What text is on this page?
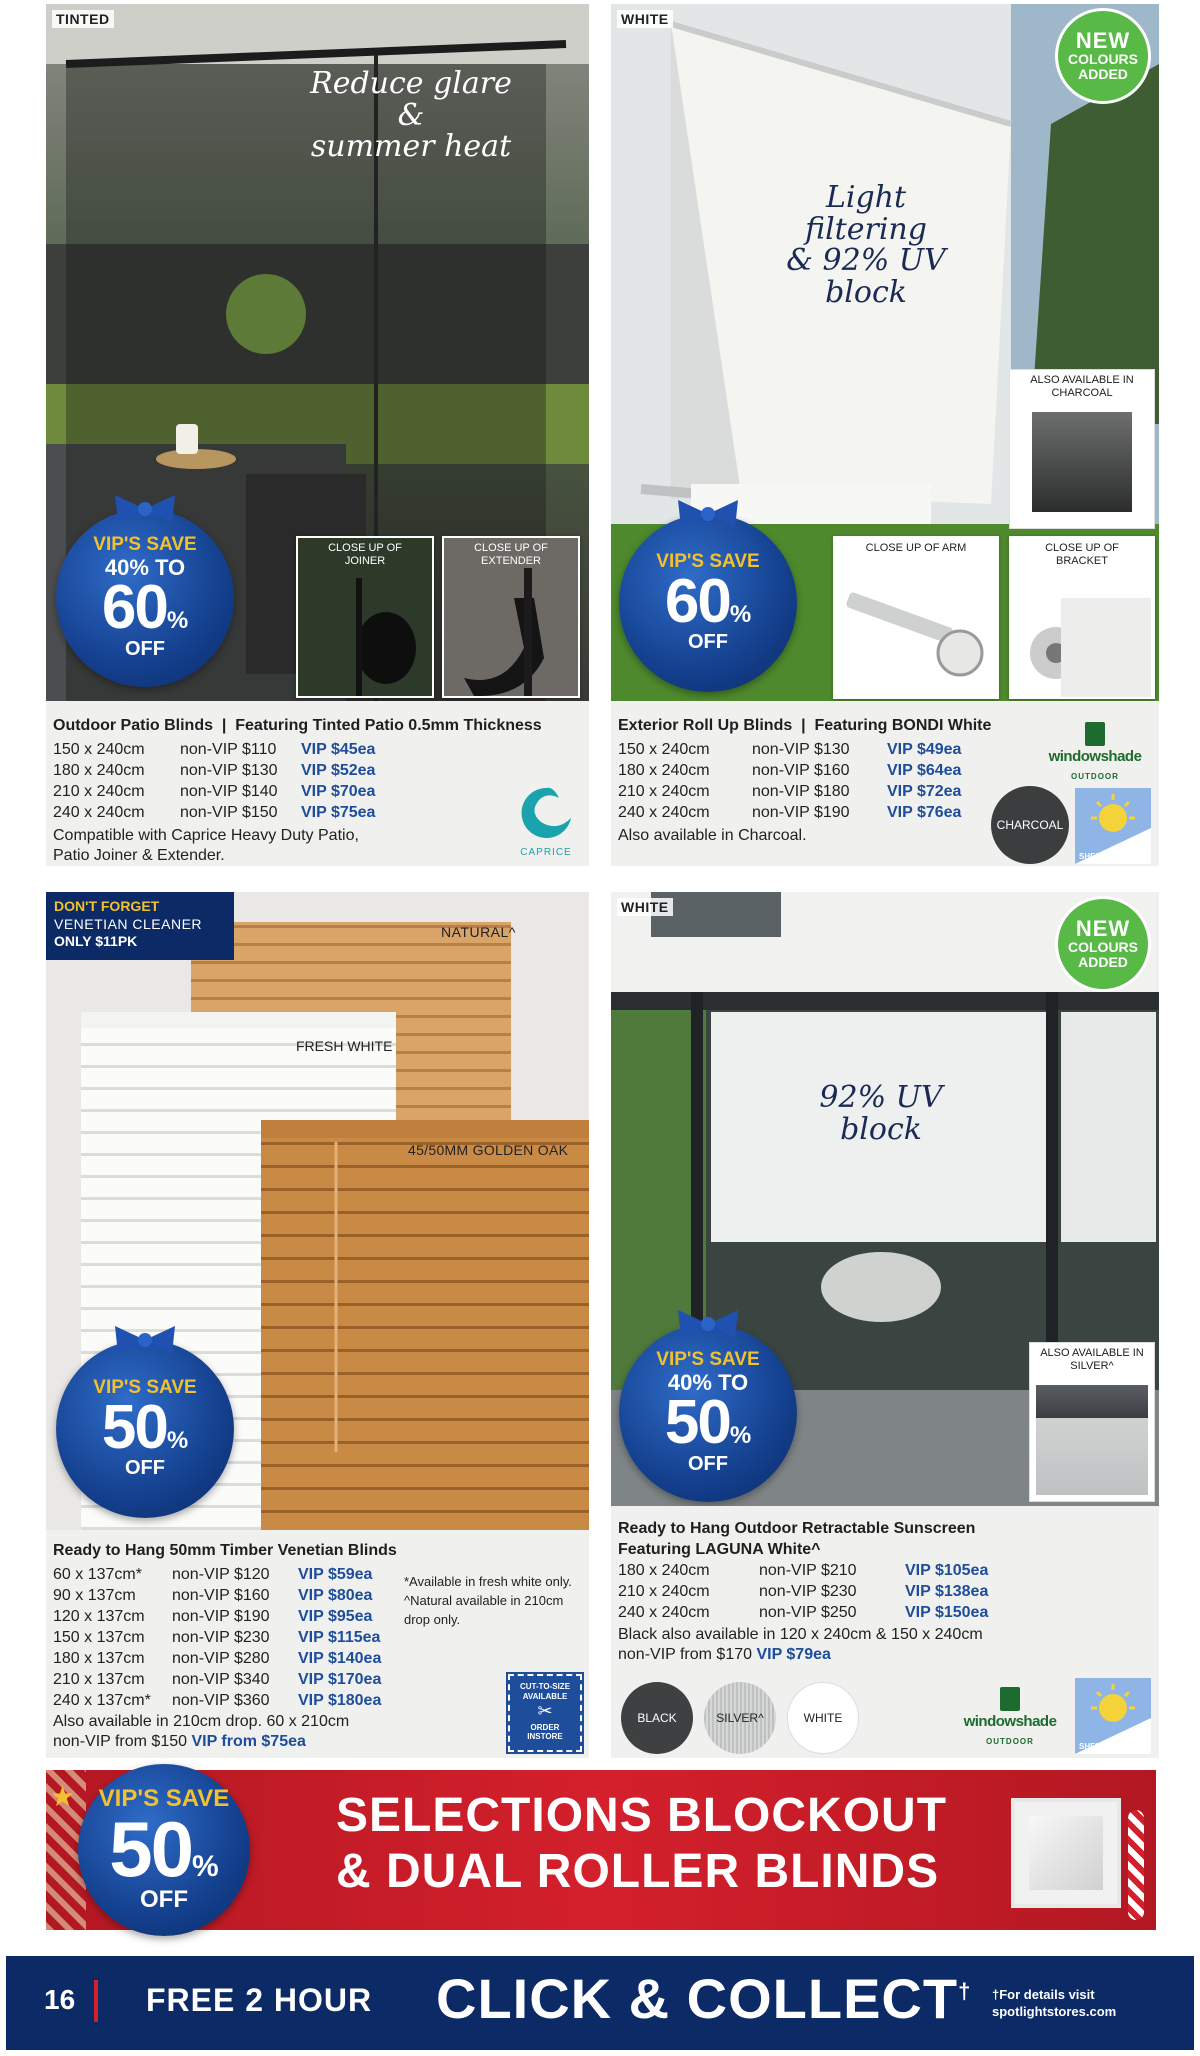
TINTED
Reduce glare &
summer heat
VIP'S SAVE
40% TO
60%
OFF
CLOSE UP OF JOINER
CLOSE UP OF EXTENDER
Outdoor Patio Blinds  |  Featuring Tinted Patio 0.5mm Thickness
150 x 240cm	non-VIP $110	VIP $45ea
180 x 240cm	non-VIP $130	VIP $52ea
210 x 240cm	non-VIP $140	VIP $70ea
240 x 240cm	non-VIP $150	VIP $75ea
Compatible with Caprice Heavy Duty Patio,
Patio Joiner & Extender.	CAPRICE
WHITE
NEW
COLOURS
ADDED
Light filtering
& 92% UV
block
ALSO AVAILABLE IN CHARCOAL
VIP'S SAVE
60%
OFF
CLOSE UP OF ARM	CLOSE UP OF BRACKET
Exterior Roll Up Blinds  |  Featuring BONDI White
150 x 240cm	non-VIP $130	VIP $49ea
180 x 240cm	non-VIP $160	VIP $64ea
210 x 240cm	non-VIP $180	VIP $72ea
240 x 240cm	non-VIP $190	VIP $76ea
Also available in Charcoal.
windowshade
OUTDOOR
CHARCOAL
SHEIR
DON'T FORGET
VENETIAN CLEANER
ONLY $11PK
NATURAL^
FRESH WHITE
45/50MM GOLDEN OAK
VIP'S SAVE
50%
OFF
Ready to Hang 50mm Timber Venetian Blinds
60 x 137cm*	non-VIP $120	VIP $59ea
90 x 137cm	non-VIP $160	VIP $80ea
120 x 137cm	non-VIP $190	VIP $95ea
150 x 137cm	non-VIP $230	VIP $115ea
180 x 137cm	non-VIP $280	VIP $140ea
210 x 137cm	non-VIP $340	VIP $170ea
240 x 137cm*	non-VIP $360	VIP $180ea
*Available in fresh white only. ^Natural available in 210cm drop only.
Also available in 210cm drop. 60 x 210cm
non-VIP from $150 VIP from $75ea
CUT-TO-SIZE
AVAILABLE
✂
ORDER
INSTORE
WHITE
NEW
COLOURS
ADDED
92% UV block
ALSO AVAILABLE IN SILVER^
VIP'S SAVE
40% TO
50%
OFF
Ready to Hang Outdoor Retractable Sunscreen
Featuring LAGUNA White^
180 x 240cm	non-VIP $210	VIP $105ea
210 x 240cm	non-VIP $230	VIP $138ea
240 x 240cm	non-VIP $250	VIP $150ea
Black also available in 120 x 240cm & 150 x 240cm
non-VIP from $170 VIP $79ea
BLACK	SILVER^	WHITE	windowshade
OUTDOOR
SHEIR
★ VIP'S SAVE
50%
OFF
SELECTIONS BLOCKOUT
& DUAL ROLLER BLINDS
16 FREE 2 HOUR CLICK & COLLECT† †For details visit
spotlightstores.com
